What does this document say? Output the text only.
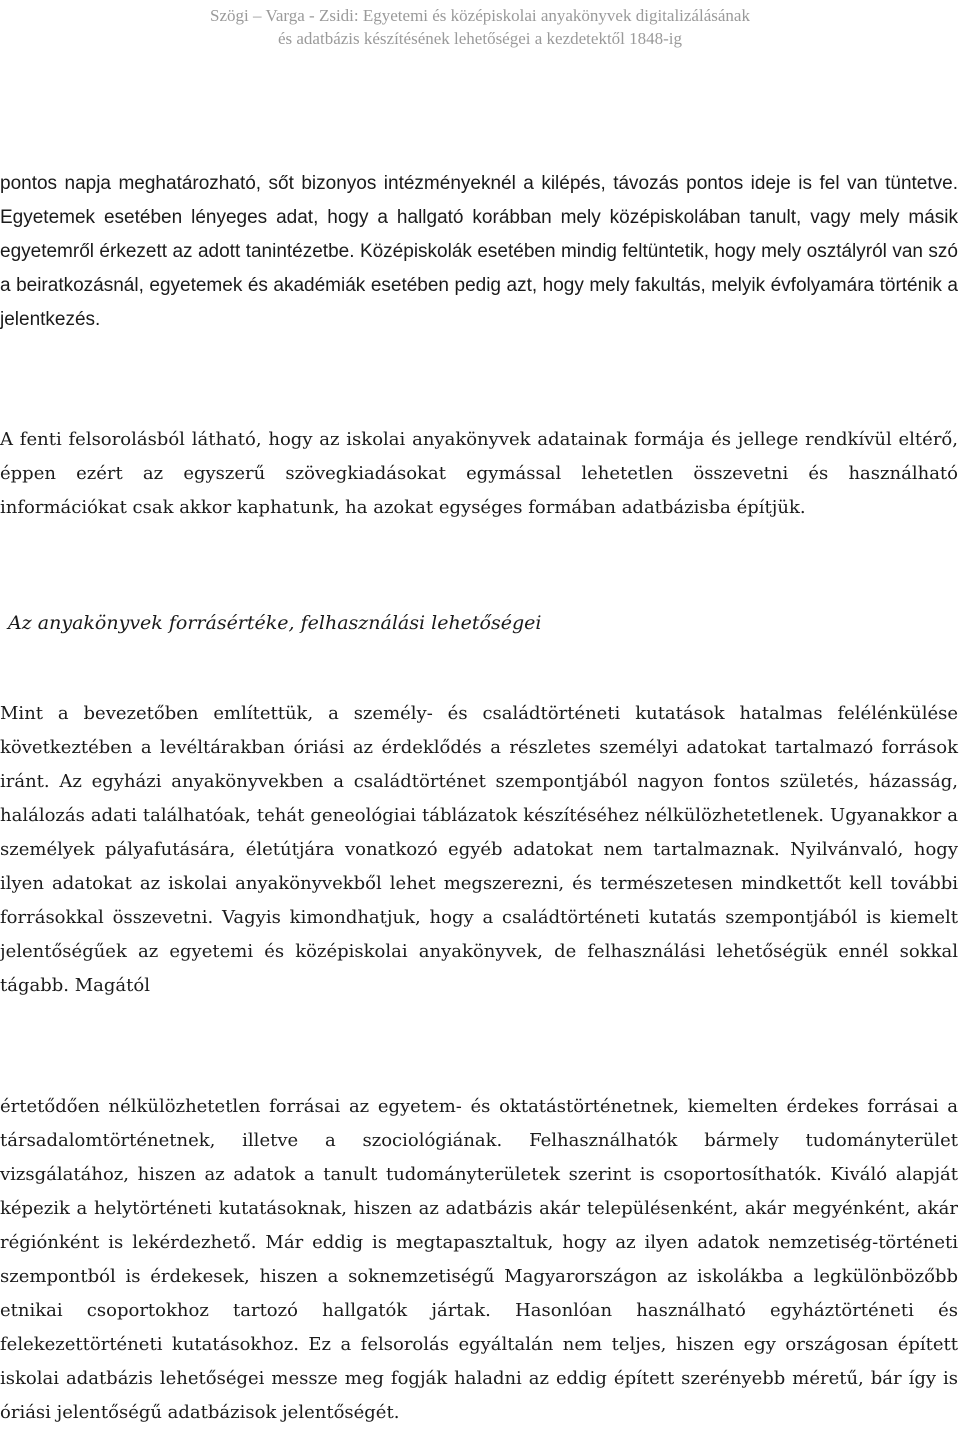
Szögi – Varga - Zsidi: Egyetemi és középiskolai anyakönyvek digitalizálásának
és adatbázis készítésének lehetőségei a kezdetektől 1848-ig

pontos napja meghatározható, sőt bizonyos intézményeknél a kilépés, távozás pontos ideje is fel van tüntetve. Egyetemek esetében lényeges adat, hogy a hallgató korábban mely középiskolában tanult, vagy mely másik egyetemről érkezett az adott tanintézetbe. Középiskolák esetében mindig feltüntetik, hogy mely osztályról van szó a beiratkozásnál, egyetemek és akadémiák esetében pedig azt, hogy mely fakultás, melyik évfolyamára történik a jelentkezés.

A fenti felsorolásból látható, hogy az iskolai anyakönyvek adatainak formája és jellege rendkívül eltérő, éppen ezért az egyszerű szövegkiadásokat egymással lehetetlen összevetni és használható információkat csak akkor kaphatunk, ha azokat egységes formában adatbázisba építjük.

Az anyakönyvek forrásértéke, felhasználási lehetőségei

Mint a bevezetőben említettük, a személy- és családtörténeti kutatások hatalmas felélénkülése következtében a levéltárakban óriási az érdeklődés a részletes személyi adatokat tartalmazó források iránt. Az egyházi anyakönyvekben a családtörténet szempontjából nagyon fontos születés, házasság, halálozás adati találhatóak, tehát geneológiai táblázatok készítéséhez nélkülözhetetlenek. Ugyanakkor a személyek pályafutására, életútjára vonatkozó egyéb adatokat nem tartalmaznak. Nyilvánvaló, hogy ilyen adatokat az iskolai anyakönyvekből lehet megszerezni, és természetesen mindkettőt kell további forrásokkal összevetni. Vagyis kimondhatjuk, hogy a családtörténeti kutatás szempontjából is kiemelt jelentőségűek az egyetemi és középiskolai anyakönyvek, de felhasználási lehetőségük ennél sokkal tágabb. Magától

értetődően nélkülözhetetlen forrásai az egyetem- és oktatástörténetnek, kiemelten érdekes forrásai a társadalomtörténetnek, illetve a szociológiának. Felhasználhatók bármely tudományterület vizsgálatához, hiszen az adatok a tanult tudományterületek szerint is csoportosíthatók. Kiváló alapját képezik a helytörténeti kutatásoknak, hiszen az adatbázis akár településenként, akár megyénként, akár régiónként is lekérdezhető. Már eddig is megtapasztaltuk, hogy az ilyen adatok nemzetiség-történeti szempontból is érdekesek, hiszen a soknemzetiségű Magyarországon az iskolákba a legkülönbözőbb etnikai csoportokhoz tartozó hallgatók jártak. Hasonlóan használható egyháztörténeti és felekezettörténeti kutatásokhoz. Ez a felsorolás egyáltalán nem teljes, hiszen egy országosan épített iskolai adatbázis lehetőségei messze meg fogják haladni az eddig épített szerényebb méretű, bár így is óriási jelentőségű adatbázisok jelentőségét.
